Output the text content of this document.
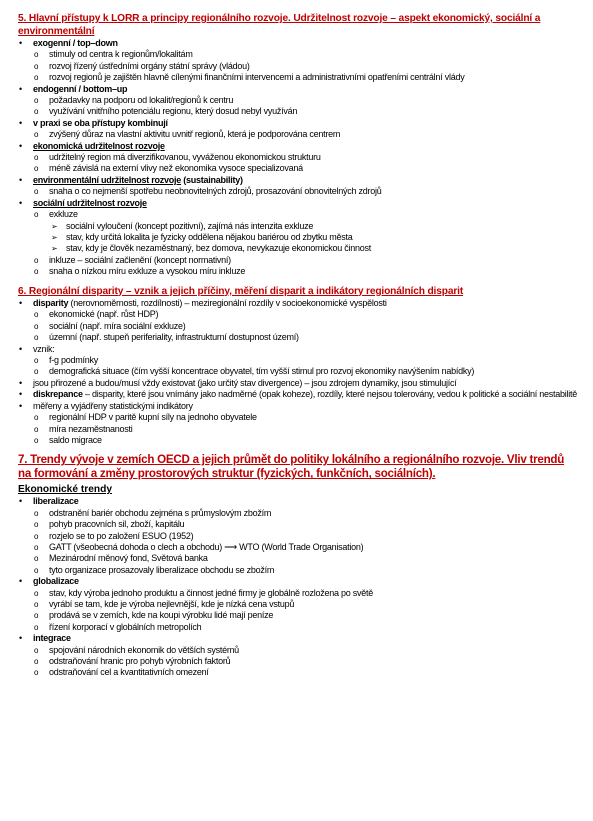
5. Hlavní přístupy k LORR a principy regionálního rozvoje. Udržitelnost rozvoje – aspekt ekonomický, sociální a environmentální
• exogenní / top–down
o stimuly od centra k regionům/lokalitám
o rozvoj řízený ústředními orgány státní správy (vládou)
o rozvoj regionů je zajištěn hlavně cílenými finančními intervencemi a administrativními opatřeními centrální vlády
• endogenní / bottom–up
o požadavky na podporu od lokalit/regionů k centru
o využívání vnitřního potenciálu regionu, který dosud nebyl využíván
• v praxi se oba přístupy kombinují
o zvýšený důraz na vlastní aktivitu uvnitř regionů, která je podporována centrem
• ekonomická udržitelnost rozvoje
o udržitelný region má diverzifikovanou, vyváženou ekonomickou strukturu
o méně závislá na externí vlivy než ekonomika vysoce specializovaná
• environmentální udržitelnost rozvoje (sustainability)
o snaha o co nejmenší spotřebu neobnovitelných zdrojů, prosazování obnovitelných zdrojů
• sociální udržitelnost rozvoje
o exkluze
➢ sociální vyloučení (koncept pozitivní), zajímá nás intenzita exkluze
➢ stav, kdy určitá lokalita je fyzicky oddělena nějakou bariérou od zbytku města
➢ stav, kdy je člověk nezaměstnaný, bez domova, nevykazuje ekonomickou činnost
o inkluze – sociální začlenění (koncept normativní)
o snaha o nízkou míru exkluze a vysokou míru inkluze
6. Regionální disparity – vznik a jejich příčiny, měření disparit a indikátory regionálních disparit
• disparity (nerovnoměrnosti, rozdílnosti) – meziregionální rozdíly v socioekonomické vyspělosti
o ekonomické (např. růst HDP)
o sociální (např. míra sociální exkluze)
o územní (např. stupeň periferiality, infrastrukturní dostupnost území)
• vznik:
o f-g podmínky
o demografická situace (čím vyšší koncentrace obyvatel, tím vyšší stimul pro rozvoj ekonomiky navýšením nabídky)
• jsou přirozené a budou/musí vždy existovat (jako určitý stav divergence) – jsou zdrojem dynamiky, jsou stimulující
• diskrepance – disparity, které jsou vnímány jako nadměrné (opak koheze), rozdíly, které nejsou tolerovány, vedou k politické a sociální nestabilitě
• měřeny a vyjádřeny statistickými indikátory
o regionální HDP v paritě kupní síly na jednoho obyvatele
o míra nezaměstnanosti
o saldo migrace
7. Trendy vývoje v zemích OECD a jejich průmět do politiky lokálního a regionálního rozvoje. Vliv trendů na formování a změny prostorových struktur (fyzických, funkčních, sociálních).
Ekonomické trendy
• liberalizace
o odstranění bariér obchodu zejména s průmyslovým zbožím
o pohyb pracovních sil, zboží, kapitálu
o rozjelo se to po založení ESUO (1952)
o GATT (všeobecná dohoda o clech a obchodu) ⟶ WTO (World Trade Organisation)
o Mezinárodní měnový fond, Světová banka
o tyto organizace prosazovaly liberalizace obchodu se zbožím
• globalizace
o stav, kdy výroba jednoho produktu a činnost jedné firmy je globálně rozložena po světě
o vyrábí se tam, kde je výroba nejlevnější, kde je nízká cena vstupů
o prodává se v zemích, kde na koupi výrobku lidé mají peníze
o řízení korporací v globálních metropolích
• integrace
o spojování národních ekonomik do větších systémů
o odstraňování hranic pro pohyb výrobních faktorů
o odstraňování cel a kvantitativních omezení
